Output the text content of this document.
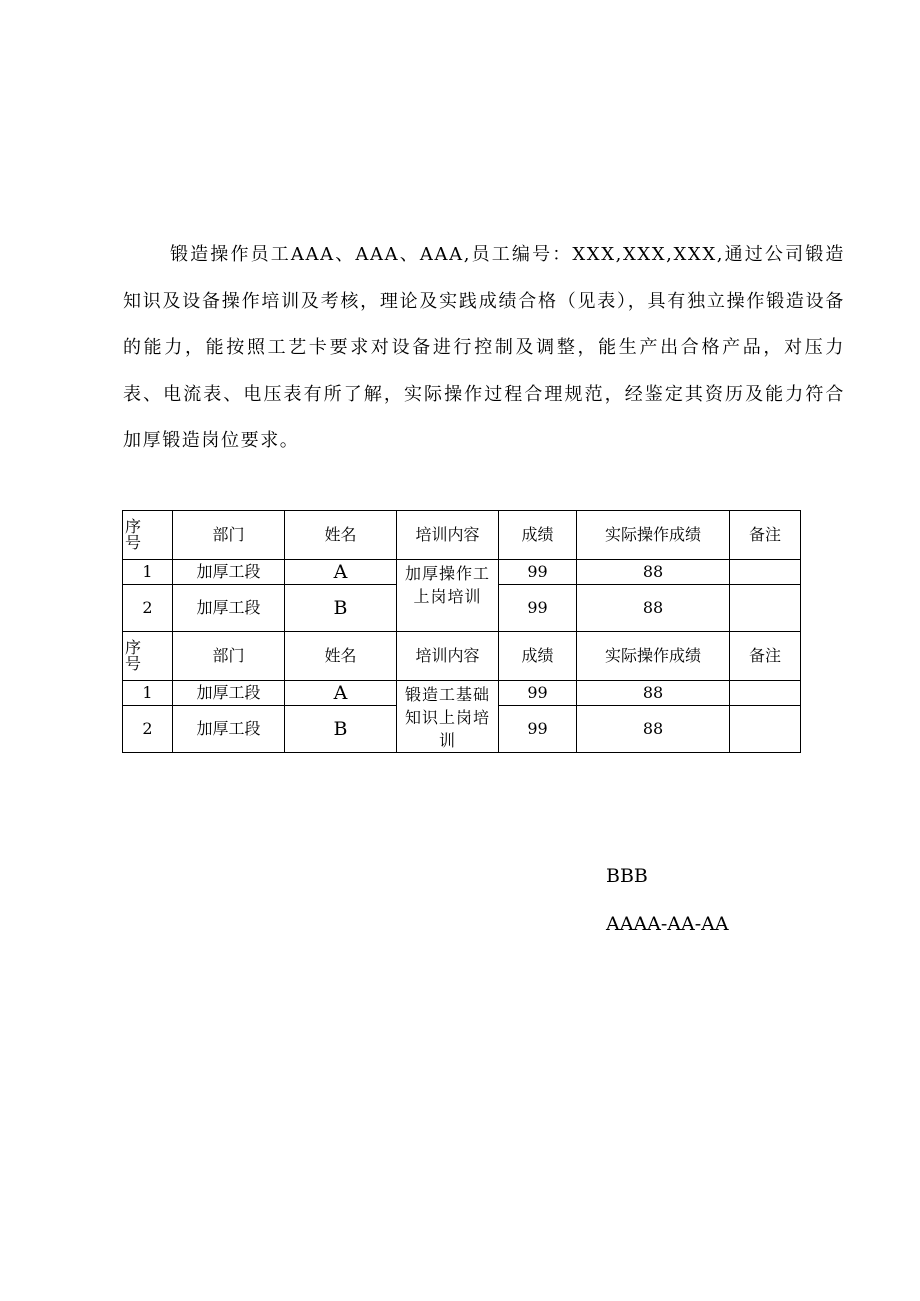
锻造操作员工AAA、AAA、AAA,员工编号：XXX,XXX,XXX,通过公司锻造知识及设备操作培训及考核，理论及实践成绩合格（见表），具有独立操作锻造设备的能力，能按照工艺卡要求对设备进行控制及调整，能生产出合格产品，对压力表、电流表、电压表有所了解，实际操作过程合理规范，经鉴定其资历及能力符合加厚锻造岗位要求。

序
号	部门	姓名	培训内容	成绩	实际操作成绩	备注
1	加厚工段	A	加厚操作工上岗培训	99	88	
2	加厚工段	B		99	88	

序
号	部门	姓名	培训内容	成绩	实际操作成绩	备注
1	加厚工段	A	锻造工基础知识上岗培训	99	88	
2	加厚工段	B		99	88	

BBB

AAAA-AA-AA
